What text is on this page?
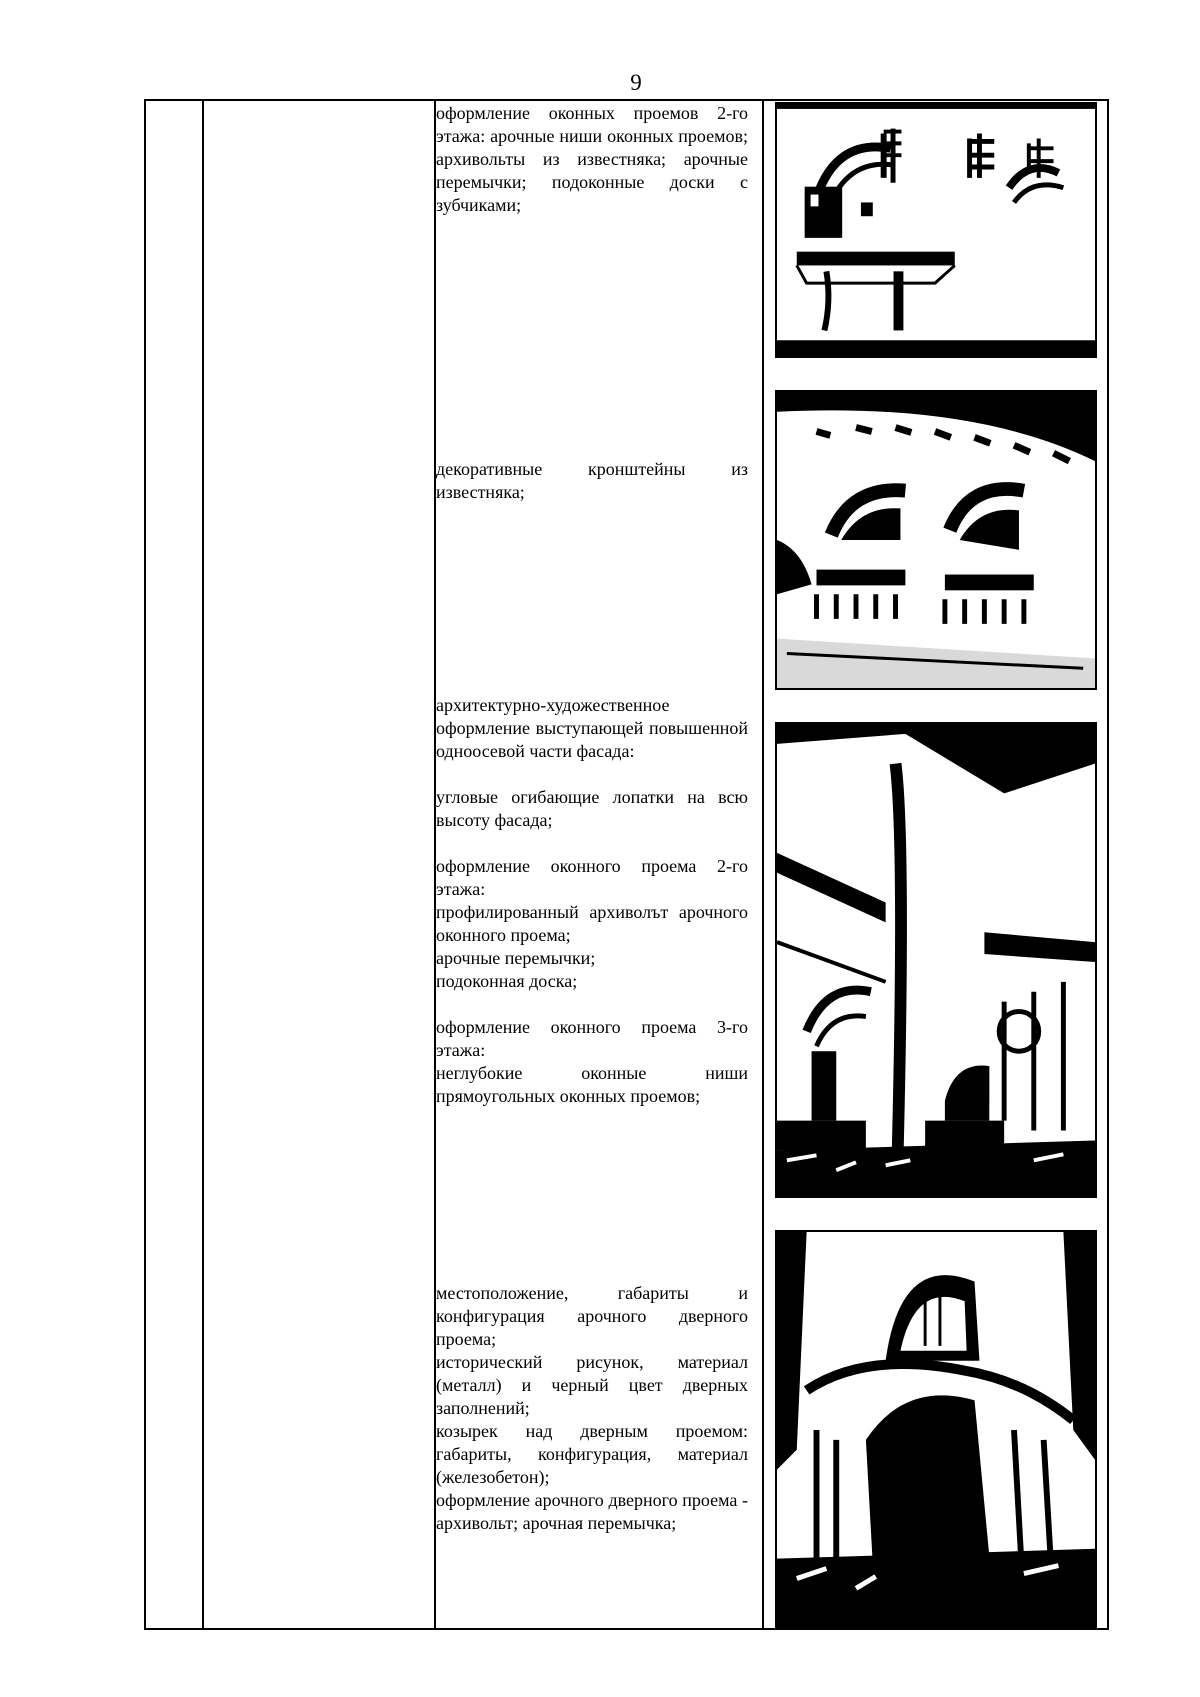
9

оформление оконных проемов 2-го этажа: арочные ниши оконных проемов; архивольты из известняка; арочные перемычки; подоконные доски с зубчиками;

декоративные кронштейны из известняка;

архитектурно-художественное оформление выступающей повышенной одноосевой части фасада:

угловые огибающие лопатки на всю высоту фасада;

оформление оконного проема 2-го этажа:

профилированный архиволът арочного оконного проема;

арочные перемычки;

подоконная доска;

оформление оконного проема 3-го этажа:

неглубокие оконные ниши прямоугольных оконных проемов;

местоположение, габариты и конфигурация арочного дверного проема;

исторический рисунок, материал (металл) и черный цвет дверных заполнений;

козырек над дверным проемом: габариты, конфигурация, материал (железобетон);

оформление арочного дверного проема - архивольт; арочная перемычка;
